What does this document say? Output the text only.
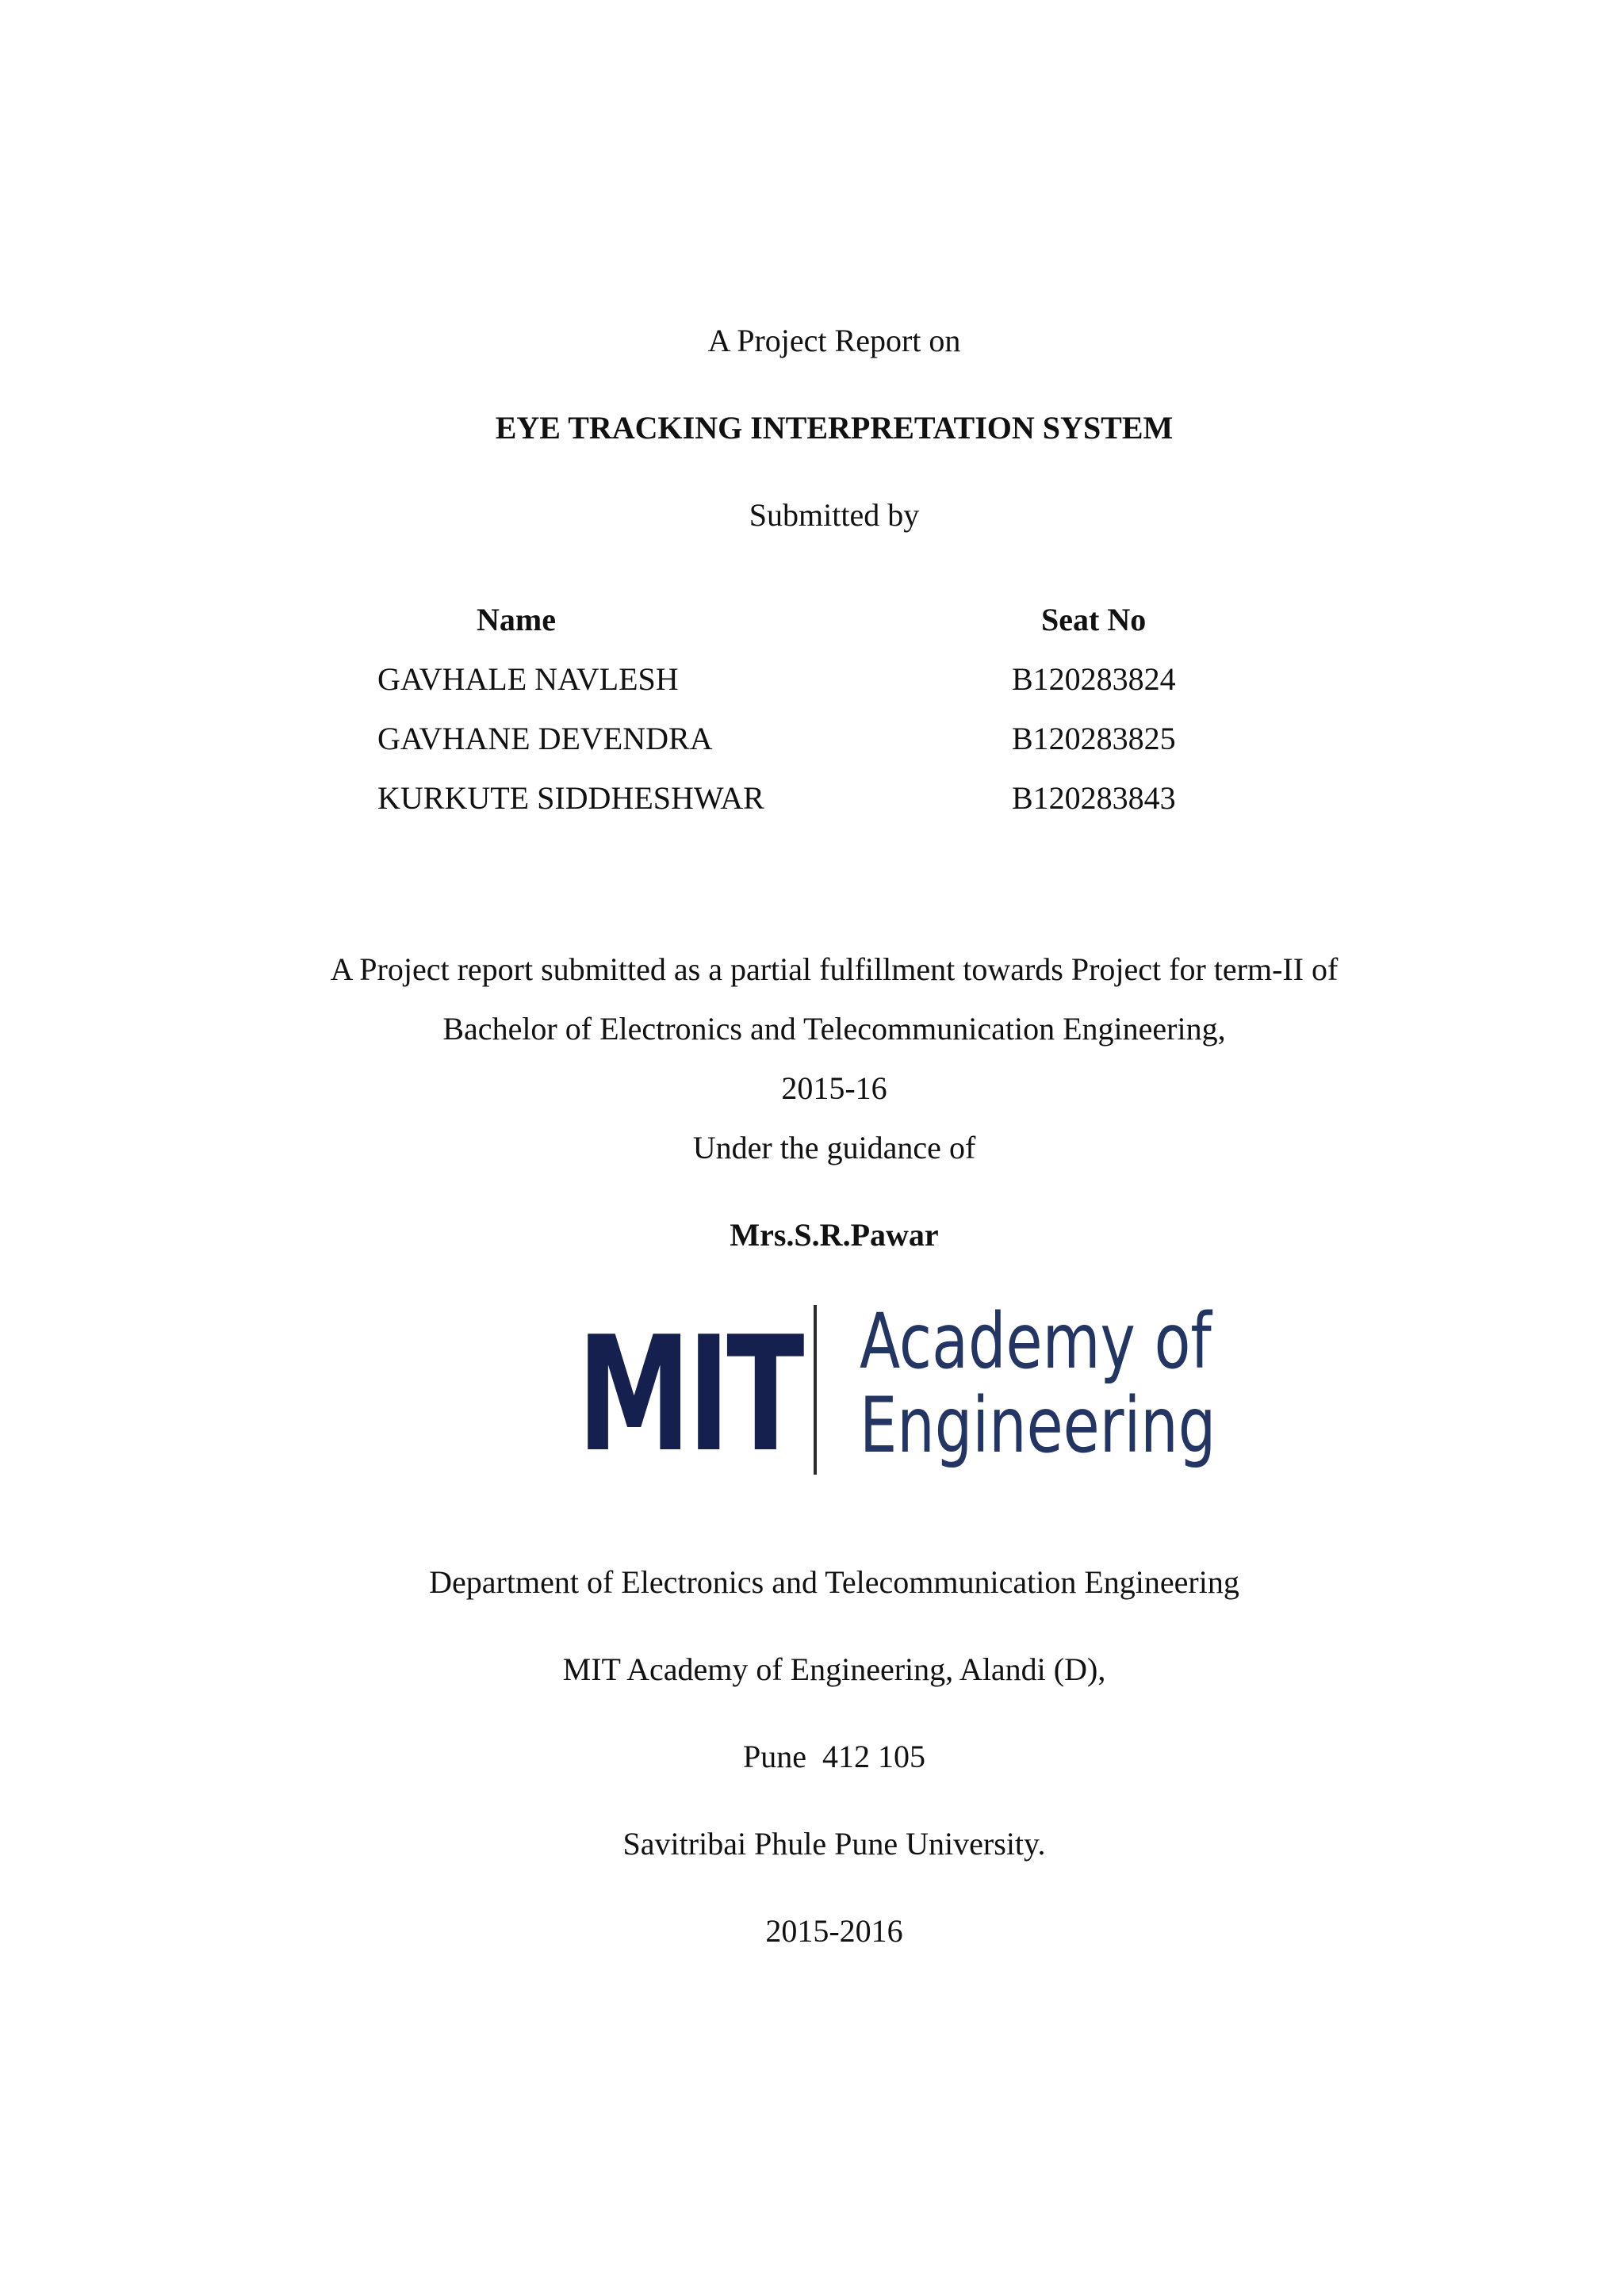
A Project Report on
EYE TRACKING INTERPRETATION SYSTEM
Submitted by
Name	Seat No
GAVHALE NAVLESH	B120283824
GAVHANE DEVENDRA	B120283825
KURKUTE SIDDHESHWAR	B120283843
A Project report submitted as a partial fulfillment towards Project for term-II of
Bachelor of Electronics and Telecommunication Engineering,
2015-16
Under the guidance of
Mrs.S.R.Pawar
MIT Academy of
Engineering
Department of Electronics and Telecommunication Engineering
MIT Academy of Engineering, Alandi (D),
Pune  412 105
Savitribai Phule Pune University.
2015-2016
